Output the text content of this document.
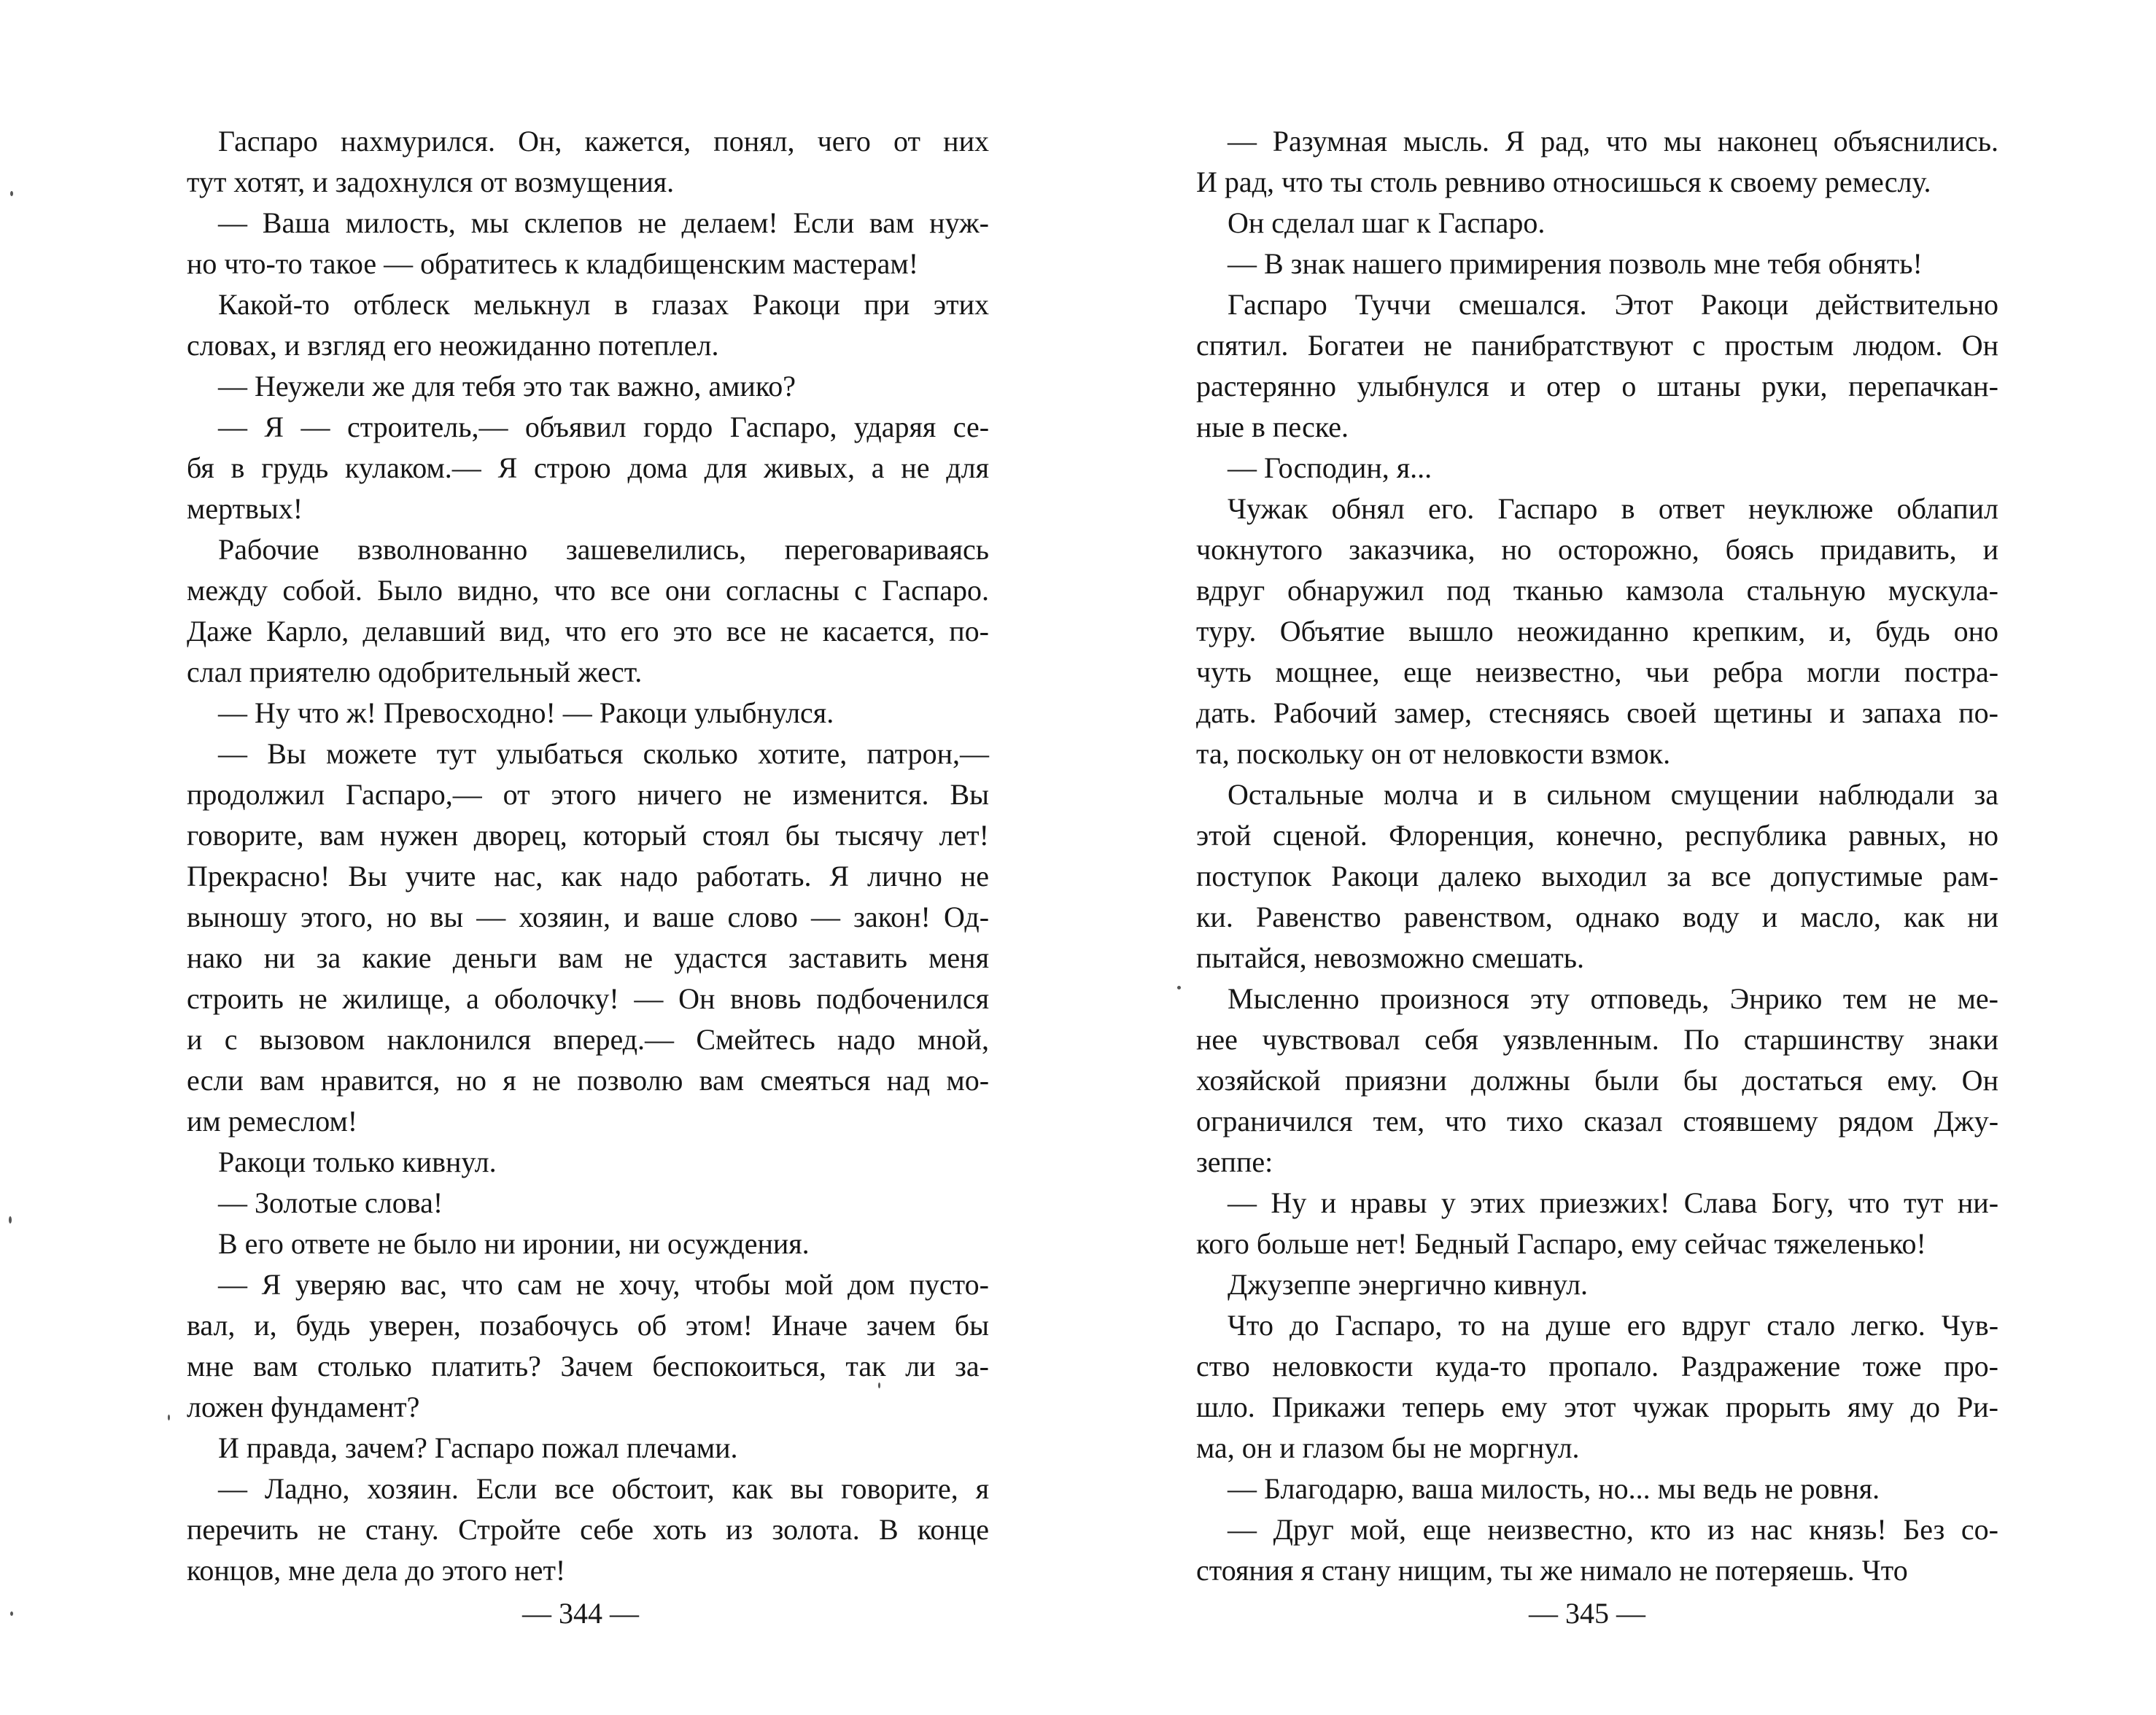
Гаспаро нахмурился. Он, кажется, понял, чего от них
тут хотят, и задохнулся от возмущения.
— Ваша милость, мы склепов не делаем! Если вам нуж-
но что-то такое — обратитесь к кладбищенским мастерам!
Какой-то отблеск мелькнул в глазах Ракоци при этих
словах, и взгляд его неожиданно потеплел.
— Неужели же для тебя это так важно, амико?
— Я — строитель,— объявил гордо Гаспаро, ударяя се-
бя в грудь кулаком.— Я строю дома для живых, а не для
мертвых!
Рабочие взволнованно зашевелились, переговариваясь
между собой. Было видно, что все они согласны с Гаспаро.
Даже Карло, делавший вид, что его это все не касается, по-
слал приятелю одобрительный жест.
— Ну что ж! Превосходно! — Ракоци улыбнулся.
— Вы можете тут улыбаться сколько хотите, патрон,—
продолжил Гаспаро,— от этого ничего не изменится. Вы
говорите, вам нужен дворец, который стоял бы тысячу лет!
Прекрасно! Вы учите нас, как надо работать. Я лично не
выношу этого, но вы — хозяин, и ваше слово — закон! Од-
нако ни за какие деньги вам не удастся заставить меня
строить не жилище, а оболочку! — Он вновь подбоченился
и с вызовом наклонился вперед.— Смейтесь надо мной,
если вам нравится, но я не позволю вам смеяться над мо-
им ремеслом!
Ракоци только кивнул.
— Золотые слова!
В его ответе не было ни иронии, ни осуждения.
— Я уверяю вас, что сам не хочу, чтобы мой дом пусто-
вал, и, будь уверен, позабочусь об этом! Иначе зачем бы
мне вам столько платить? Зачем беспокоиться, так ли за-
ложен фундамент?
И правда, зачем? Гаспаро пожал плечами.
— Ладно, хозяин. Если все обстоит, как вы говорите, я
перечить не стану. Стройте себе хоть из золота. В конце
концов, мне дела до этого нет!
— Разумная мысль. Я рад, что мы наконец объяснились.
И рад, что ты столь ревниво относишься к своему ремеслу.
Он сделал шаг к Гаспаро.
— В знак нашего примирения позволь мне тебя обнять!
Гаспаро Туччи смешался. Этот Ракоци действительно
спятил. Богатеи не панибратствуют с простым людом. Он
растерянно улыбнулся и отер о штаны руки, перепачкан-
ные в песке.
— Господин, я...
Чужак обнял его. Гаспаро в ответ неуклюже облапил
чокнутого заказчика, но осторожно, боясь придавить, и
вдруг обнаружил под тканью камзола стальную мускула-
туру. Объятие вышло неожиданно крепким, и, будь оно
чуть мощнее, еще неизвестно, чьи ребра могли постра-
дать. Рабочий замер, стесняясь своей щетины и запаха по-
та, поскольку он от неловкости взмок.
Остальные молча и в сильном смущении наблюдали за
этой сценой. Флоренция, конечно, республика равных, но
поступок Ракоци далеко выходил за все допустимые рам-
ки. Равенство равенством, однако воду и масло, как ни
пытайся, невозможно смешать.
Мысленно произнося эту отповедь, Энрико тем не ме-
нее чувствовал себя уязвленным. По старшинству знаки
хозяйской приязни должны были бы достаться ему. Он
ограничился тем, что тихо сказал стоявшему рядом Джу-
зеппе:
— Ну и нравы у этих приезжих! Слава Богу, что тут ни-
кого больше нет! Бедный Гаспаро, ему сейчас тяжеленько!
Джузеппе энергично кивнул.
Что до Гаспаро, то на душе его вдруг стало легко. Чув-
ство неловкости куда-то пропало. Раздражение тоже про-
шло. Прикажи теперь ему этот чужак прорыть яму до Ри-
ма, он и глазом бы не моргнул.
— Благодарю, ваша милость, но... мы ведь не ровня.
— Друг мой, еще неизвестно, кто из нас князь! Без со-
стояния я стану нищим, ты же нимало не потеряешь. Что
— 344 —	— 345 —
